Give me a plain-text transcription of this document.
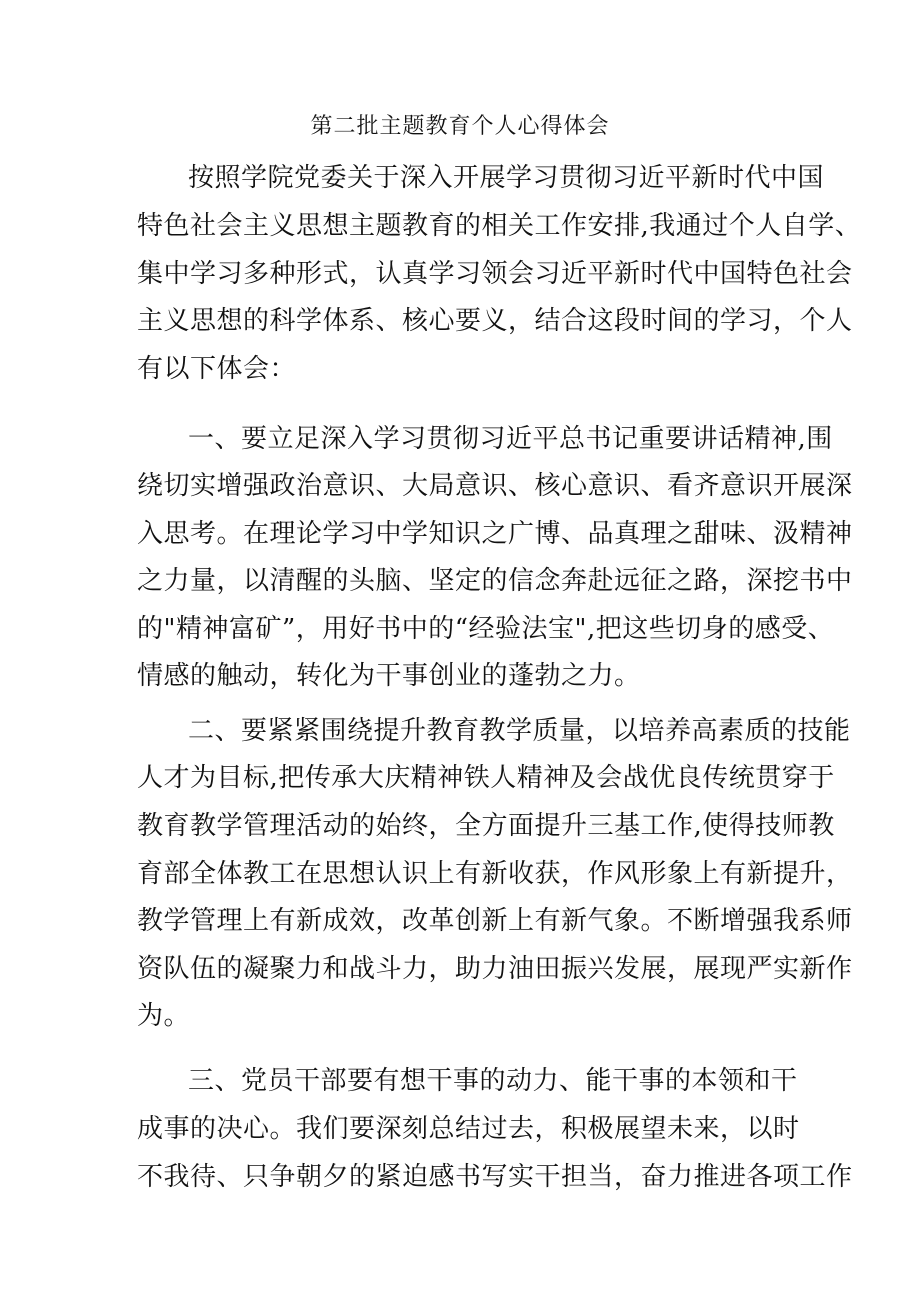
第二批主题教育个人心得体会
按照学院党委关于深入开展学习贯彻习近平新时代中国
特色社会主义思想主题教育的相关工作安排,我通过个人自学、
集中学习多种形式，认真学习领会习近平新时代中国特色社会
主义思想的科学体系、核心要义，结合这段时间的学习，个人
有以下体会：
一、要立足深入学习贯彻习近平总书记重要讲话精神,围
绕切实增强政治意识、大局意识、核心意识、看齐意识开展深
入思考。在理论学习中学知识之广博、品真理之甜味、汲精神
之力量，以清醒的头脑、坚定的信念奔赴远征之路，深挖书中
的"精神富矿”，用好书中的“经验法宝",把这些切身的感受、
情感的触动，转化为干事创业的蓬勃之力。
二、要紧紧围绕提升教育教学质量，以培养高素质的技能
人才为目标,把传承大庆精神铁人精神及会战优良传统贯穿于
教育教学管理活动的始终，全方面提升三基工作,使得技师教
育部全体教工在思想认识上有新收获，作风形象上有新提升，
教学管理上有新成效，改革创新上有新气象。不断增强我系师
资队伍的凝聚力和战斗力，助力油田振兴发展，展现严实新作
为。
三、党员干部要有想干事的动力、能干事的本领和干
成事的决心。我们要深刻总结过去，积极展望未来，以时
不我待、只争朝夕的紧迫感书写实干担当，奋力推进各项工作
